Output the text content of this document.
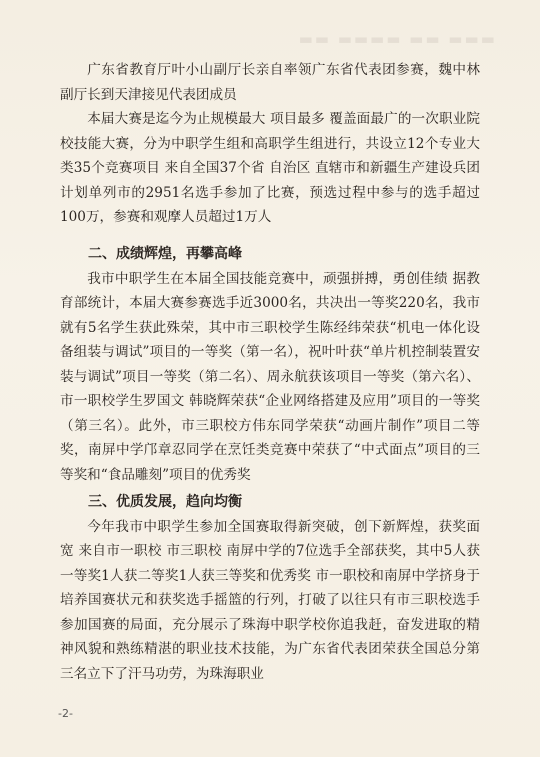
▬▬▬ ▬▬ ▬▬▬▬ ▬▬

广东省教育厅叶小山副厅长亲自率领广东省代表团参赛，魏中林副厅长到天津接见代表团成员

本届大赛是迄今为止规模最大 项目最多 覆盖面最广的一次职业院校技能大赛，分为中职学生组和高职学生组进行，共设立12个专业大类35个竞赛项目 来自全国37个省 自治区 直辖市和新疆生产建设兵团 计划单列市的2951名选手参加了比赛，预选过程中参与的选手超过100万，参赛和观摩人员超过1万人

二、成绩辉煌，再攀高峰

我市中职学生在本届全国技能竞赛中，顽强拼搏，勇创佳绩 据教育部统计，本届大赛参赛选手近3000名，共决出一等奖220名，我市就有5名学生获此殊荣，其中市三职校学生陈经纬荣获“机电一体化设备组装与调试”项目的一等奖（第一名），祝叶叶获“单片机控制装置安装与调试”项目一等奖（第二名）、周永航获该项目一等奖（第六名）、市一职校学生罗国文 韩晓辉荣获“企业网络搭建及应用”项目的一等奖（第三名）。此外，市三职校方伟东同学荣获“动画片制作”项目二等奖，南屏中学邝章忍同学在烹饪类竞赛中荣获了“中式面点”项目的三等奖和“食品雕刻”项目的优秀奖

三、优质发展，趋向均衡

今年我市中职学生参加全国赛取得新突破，创下新辉煌，获奖面宽 来自市一职校 市三职校 南屏中学的7位选手全部获奖，其中5人获一等奖1人获二等奖1人获三等奖和优秀奖 市一职校和南屏中学挤身于培养国赛状元和获奖选手摇篮的行列，打破了以往只有市三职校选手参加国赛的局面，充分展示了珠海中职学校你追我赶，奋发进取的精神风貌和熟练精湛的职业技术技能，为广东省代表团荣获全国总分第三名立下了汗马功劳，为珠海职业

-2-
